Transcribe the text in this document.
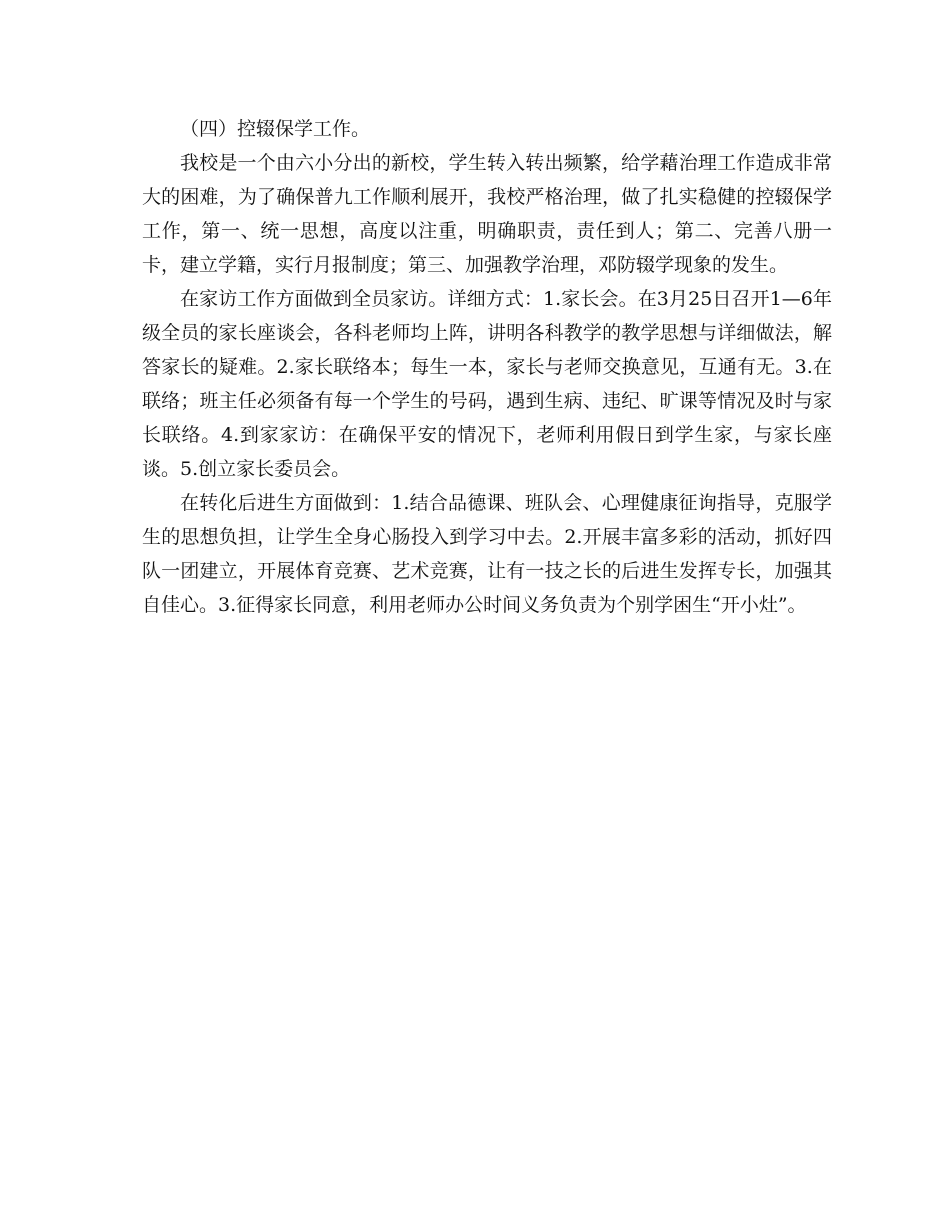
（四）控辍保学工作。

我校是一个由六小分出的新校，学生转入转出频繁，给学藉治理工作造成非常大的困难，为了确保普九工作顺利展开，我校严格治理，做了扎实稳健的控辍保学工作，第一、统一思想，高度以注重，明确职责，责任到人；第二、完善八册一卡，建立学籍，实行月报制度；第三、加强教学治理，邓防辍学现象的发生。

在家访工作方面做到全员家访。详细方式：1.家长会。在3月25日召开1—6年级全员的家长座谈会，各科老师均上阵，讲明各科教学的教学思想与详细做法，解答家长的疑难。2.家长联络本；每生一本，家长与老师交换意见，互通有无。3.在联络；班主任必须备有每一个学生的号码，遇到生病、违纪、旷课等情况及时与家长联络。4.到家家访：在确保平安的情况下，老师利用假日到学生家，与家长座谈。5.创立家长委员会。

在转化后进生方面做到：1.结合品德课、班队会、心理健康征询指导，克服学生的思想负担，让学生全身心肠投入到学习中去。2.开展丰富多彩的活动，抓好四队一团建立，开展体育竞赛、艺术竞赛，让有一技之长的后进生发挥专长，加强其自佳心。3.征得家长同意，利用老师办公时间义务负责为个别学困生“开小灶”。
